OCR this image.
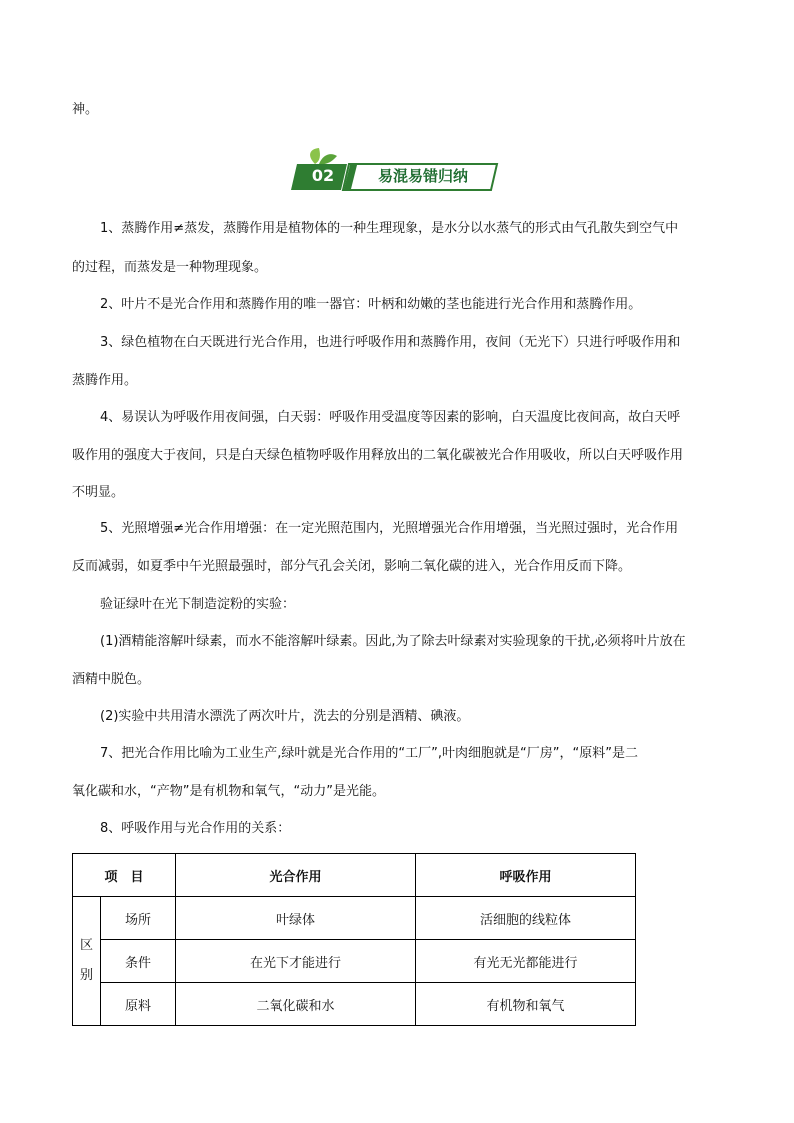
神。
02	易混易错归纳
1、蒸腾作用≠蒸发，蒸腾作用是植物体的一种生理现象，是水分以水蒸气的形式由气孔散失到空气中
的过程，而蒸发是一种物理现象。
2、叶片不是光合作用和蒸腾作用的唯一器官：叶柄和幼嫩的茎也能进行光合作用和蒸腾作用。
3、绿色植物在白天既进行光合作用，也进行呼吸作用和蒸腾作用，夜间（无光下）只进行呼吸作用和
蒸腾作用。
4、易误认为呼吸作用夜间强，白天弱：呼吸作用受温度等因素的影响，白天温度比夜间高，故白天呼
吸作用的强度大于夜间，只是白天绿色植物呼吸作用释放出的二氧化碳被光合作用吸收，所以白天呼吸作用
不明显。
5、光照增强≠光合作用增强：在一定光照范围内，光照增强光合作用增强，当光照过强时，光合作用
反而减弱，如夏季中午光照最强时，部分气孔会关闭，影响二氧化碳的进入，光合作用反而下降。
验证绿叶在光下制造淀粉的实验：
(1)酒精能溶解叶绿素，而水不能溶解叶绿素。因此,为了除去叶绿素对实验现象的干扰,必须将叶片放在
酒精中脱色。
(2)实验中共用清水漂洗了两次叶片，洗去的分别是酒精、碘液。
7、把光合作用比喻为工业生产,绿叶就是光合作用的“工厂”,叶肉细胞就是“厂房”，“原料”是二
氧化碳和水，“产物”是有机物和氧气，“动力”是光能。
8、呼吸作用与光合作用的关系：
项　目		光合作用	呼吸作用

区
别	场所	叶绿体	活细胞的线粒体
	条件	在光下才能进行	有光无光都能进行
	原料	二氧化碳和水	有机物和氧气
